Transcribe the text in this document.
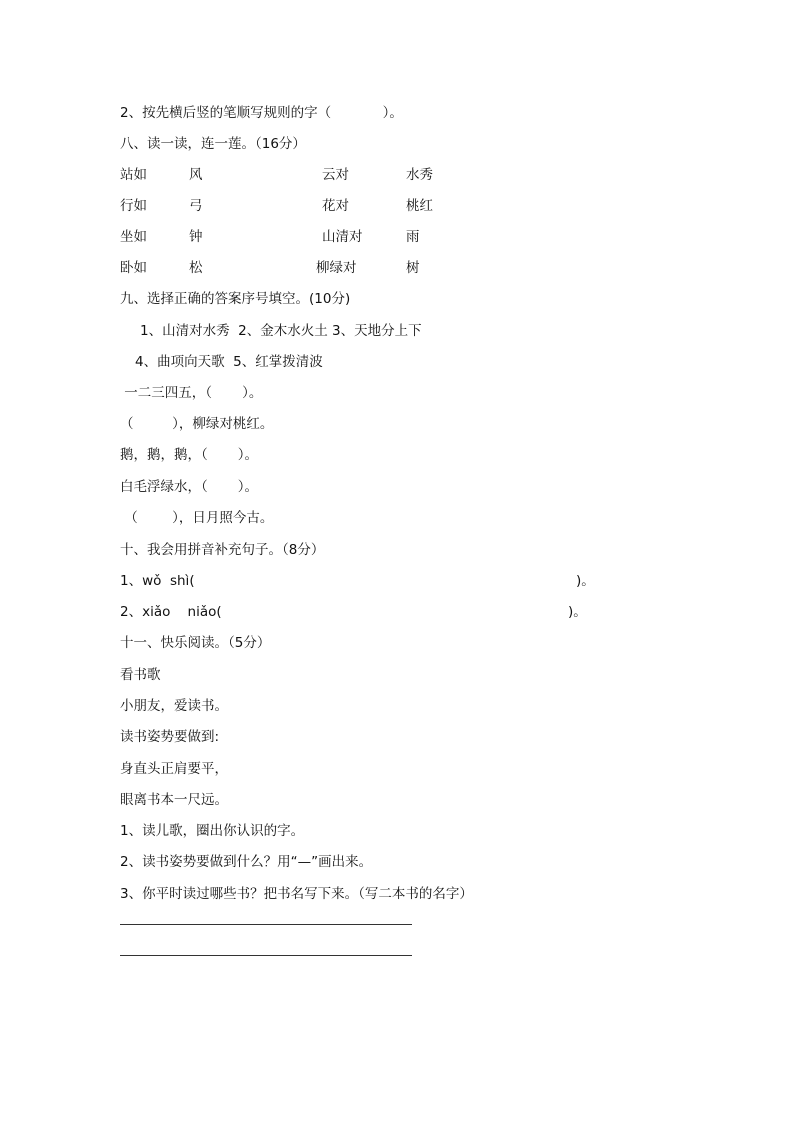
2、按先横后竖的笔顺写规则的字（            ）。
八、读一读，连一莲。（16分）
站如	风	云对	水秀
行如	弓	花对	桃红
坐如	钟	山清对	雨
卧如	松	柳绿对	树
九、选择正确的答案序号填空。(10分)
1、山清对水秀  2、金木水火土 3、天地分上下
4、曲项向天歌  5、红掌拨清波
一二三四五，（       ）。
（         ），柳绿对桃红。
鹅，鹅，鹅，（       ）。
白毛浮绿水，（       ）。
（        ），日月照今古。
十、我会用拼音补充句子。（8分）
1、wǒ  shì(	)。
2、xiǎo    niǎo(	)。
十一、快乐阅读。（5分）
看书歌
小朋友，爱读书。
读书姿势要做到:
身直头正肩要平，
眼离书本一尺远。
1、读儿歌，圈出你认识的字。
2、读书姿势要做到什么？用“—”画出来。
3、你平时读过哪些书？把书名写下来。（写二本书的名字）
